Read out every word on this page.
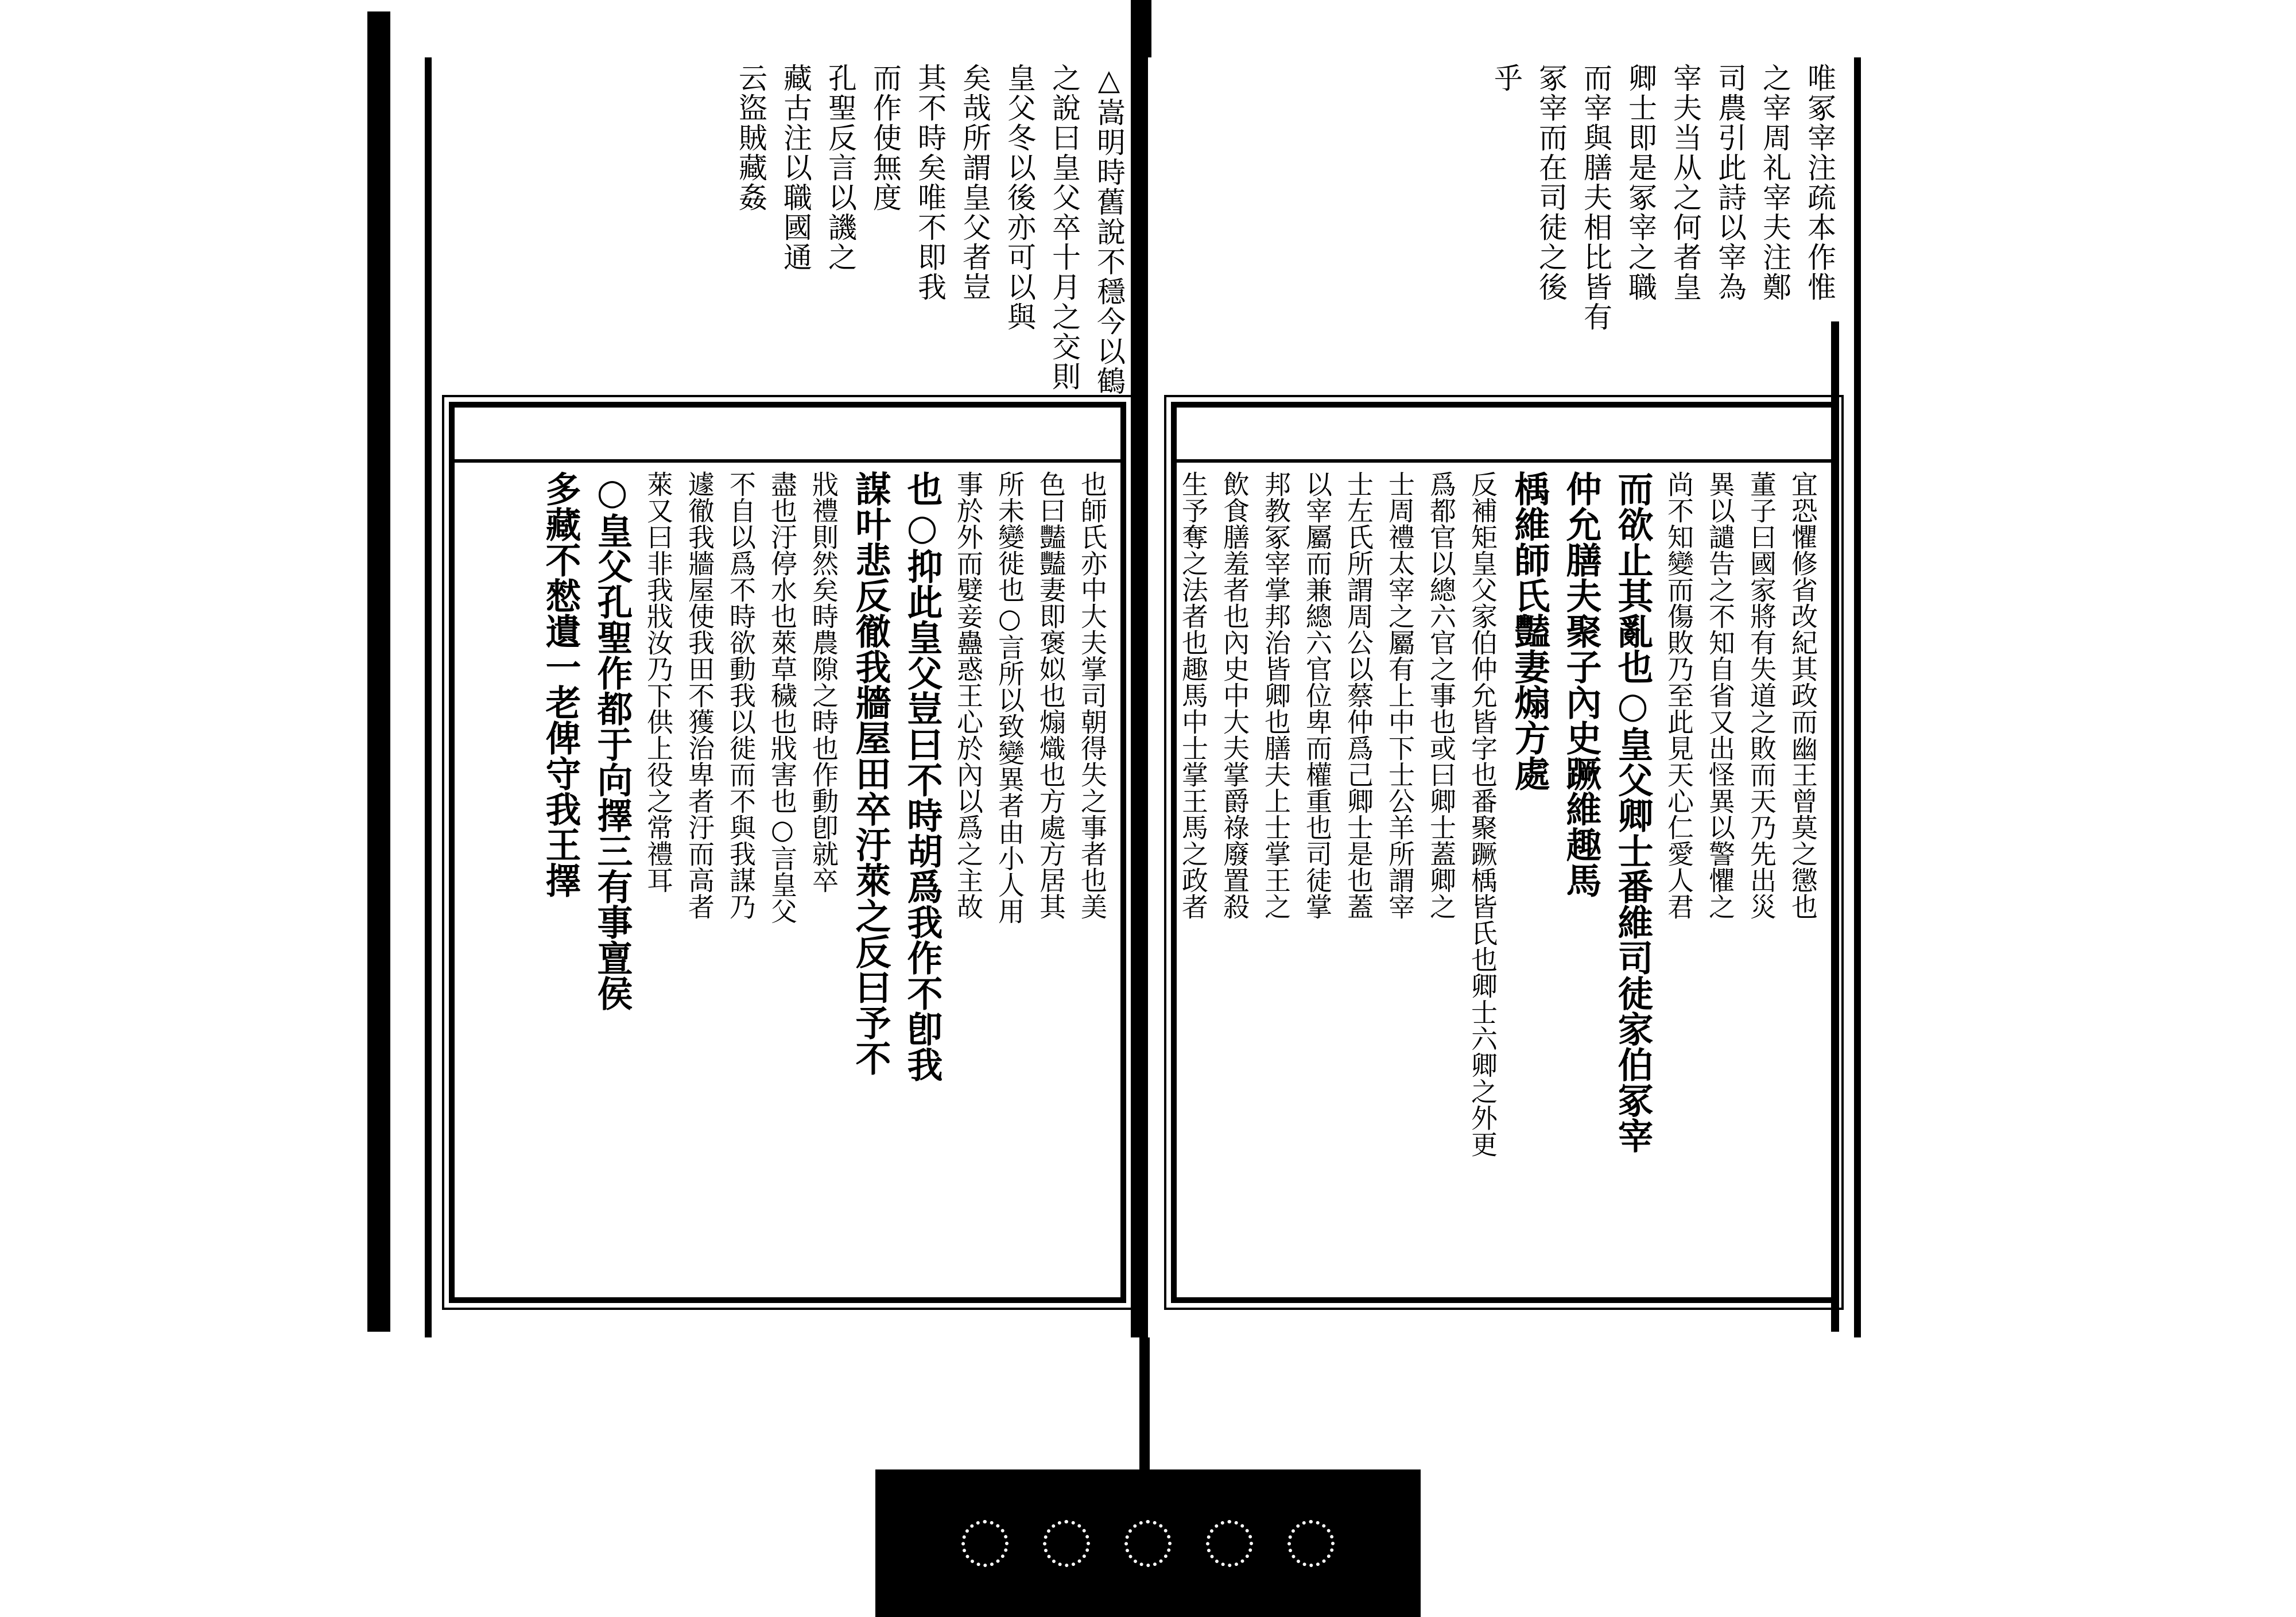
△嵩明時舊說不穩今以鶴
之說曰皇父卒十月之交則
皇父冬以後亦可以與
矣哉所謂皇父者豈
其不時矣唯不即我
而作使無度
孔聖反言以譏之
藏古注以職國通
云盜賊藏姦
也師氏亦中大夫掌司朝得失之事者也美
色曰豔豔妻即褒姒也煽熾也方處方居其
所未變徙也○言所以致變異者由小人用
事於外而嬖妾蠱惑王心於內以爲之主故
也○抑此皇父豈曰不時胡爲我作不卽我
謀叶悲反徹我牆屋田卒汙萊之反曰予不
戕禮則然矣時農隙之時也作動卽就卒
盡也汙停水也萊草穢也戕害也○言皇父
不自以爲不時欲動我以徙而不與我謀乃
遽徹我牆屋使我田不獲治卑者汙而高者
萊又曰非我戕汝乃下供上役之常禮耳
○皇父孔聖作都于向擇三有事亶侯
多藏不憖遺一老俾守我王擇
唯冢宰注疏本作惟
之宰周礼宰夫注鄭
司農引此詩以宰為
宰夫当从之何者皇
卿士即是冢宰之職
而宰與膳夫相比皆有
冢宰而在司徒之後
乎
宜恐懼修省改紀其政而幽王曾莫之懲也
董子曰國家將有失道之敗而天乃先出災
異以譴告之不知自省又出怪異以警懼之
尚不知變而傷敗乃至此見天心仁愛人君
而欲止其亂也○皇父卿士番維司徒家伯冢宰
仲允膳夫聚子內史蹶維趣馬
楀維師氏豔妻煽方處
反補矩皇父家伯仲允皆字也番聚蹶楀皆氏也卿士六卿之外更
爲都官以總六官之事也或曰卿士蓋卿之
士周禮太宰之屬有上中下士公羊所謂宰
士左氏所謂周公以蔡仲爲己卿士是也蓋
以宰屬而兼總六官位卑而權重也司徒掌
邦教冢宰掌邦治皆卿也膳夫上士掌王之
飲食膳羞者也內史中大夫掌爵祿廢置殺
生予奪之法者也趣馬中士掌王馬之政者
